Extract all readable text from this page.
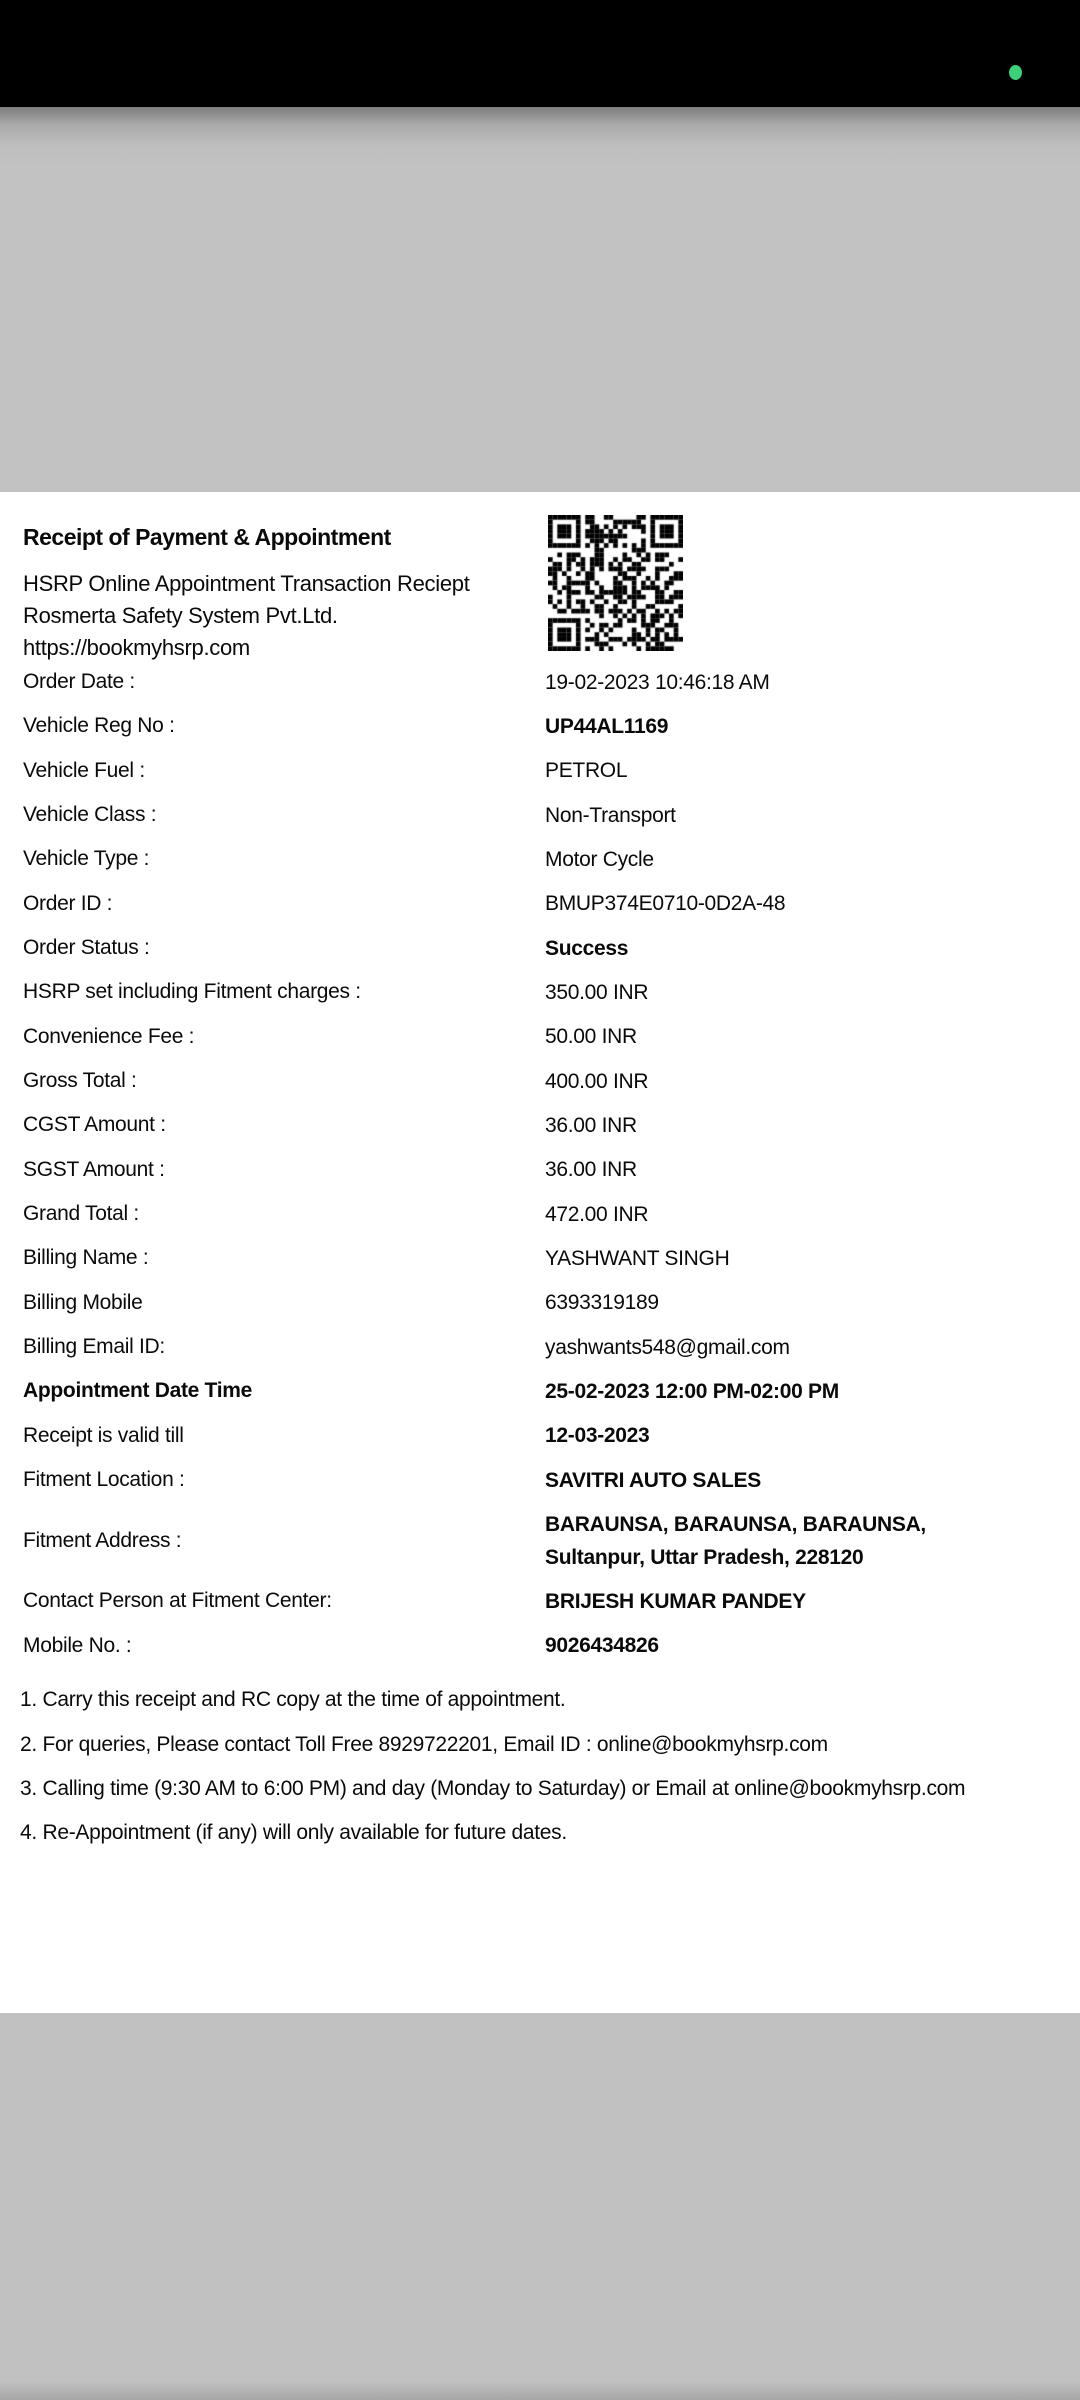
Receipt of Payment & Appointment
HSRP Online Appointment Transaction Reciept
Rosmerta Safety System Pvt.Ltd.
https://bookmyhsrp.com
Order Date :	19-02-2023 10:46:18 AM
Vehicle Reg No :	UP44AL1169
Vehicle Fuel :	PETROL
Vehicle Class :	Non-Transport
Vehicle Type :	Motor Cycle
Order ID :	BMUP374E0710-0D2A-48
Order Status :	Success
HSRP set including Fitment charges :	350.00 INR
Convenience Fee :	50.00 INR
Gross Total :	400.00 INR
CGST Amount :	36.00 INR
SGST Amount :	36.00 INR
Grand Total :	472.00 INR
Billing Name :	YASHWANT SINGH
Billing Mobile	6393319189
Billing Email ID:	yashwants548@gmail.com
Appointment Date Time	25-02-2023 12:00 PM-02:00 PM
Receipt is valid till	12-03-2023
Fitment Location :	SAVITRI AUTO SALES
Fitment Address :
BARAUNSA, BARAUNSA, BARAUNSA,
Sultanpur, Uttar Pradesh, 228120
Contact Person at Fitment Center:	BRIJESH KUMAR PANDEY
Mobile No. :	9026434826
1. Carry this receipt and RC copy at the time of appointment.
2. For queries, Please contact Toll Free 8929722201, Email ID : online@bookmyhsrp.com
3. Calling time (9:30 AM to 6:00 PM) and day (Monday to Saturday) or Email at online@bookmyhsrp.com
4. Re-Appointment (if any) will only available for future dates.
